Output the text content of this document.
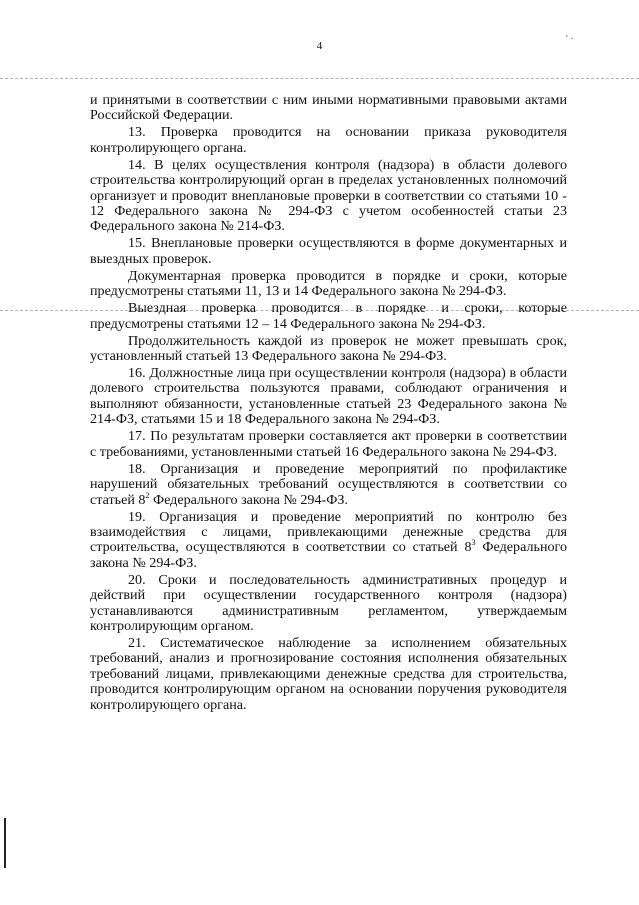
4
' ·

и принятыми в соответствии с ним иными нормативными правовыми актами Российской Федерации.

13. Проверка проводится на основании приказа руководителя контролирующего органа.

14. В целях осуществления контроля (надзора) в области долевого строительства контролирующий орган в пределах установленных полномочий организует и проводит внеплановые проверки в соответствии со статьями 10 - 12 Федерального закона № 294-ФЗ с учетом особенностей статьи 23 Федерального закона № 214-ФЗ.

15. Внеплановые проверки осуществляются в форме документарных и выездных проверок.

Документарная проверка проводится в порядке и сроки, которые предусмотрены статьями 11, 13 и 14 Федерального закона № 294-ФЗ.

Выездная проверка проводится в порядке и сроки, которые предусмотрены статьями 12 – 14 Федерального закона № 294-ФЗ.

Продолжительность каждой из проверок не может превышать срок, установленный статьей 13 Федерального закона № 294-ФЗ.

16. Должностные лица при осуществлении контроля (надзора) в области долевого строительства пользуются правами, соблюдают ограничения и выполняют обязанности, установленные статьей 23 Федерального закона № 214-ФЗ, статьями 15 и 18 Федерального закона № 294-ФЗ.

17. По результатам проверки составляется акт проверки в соответствии с требованиями, установленными статьей 16 Федерального закона № 294-ФЗ.

18. Организация и проведение мероприятий по профилактике нарушений обязательных требований осуществляются в соответствии со статьей $8^2$ Федерального закона № 294-ФЗ.

19. Организация и проведение мероприятий по контролю без взаимодействия с лицами, привлекающими денежные средства для строительства, осуществляются в соответствии со статьей $8^3$ Федерального закона № 294-ФЗ.

20. Сроки и последовательность административных процедур и действий при осуществлении государственного контроля (надзора) устанавливаются административным регламентом, утверждаемым контролирующим органом.

21. Систематическое наблюдение за исполнением обязательных требований, анализ и прогнозирование состояния исполнения обязательных требований лицами, привлекающими денежные средства для строительства, проводится контролирующим органом на основании поручения руководителя контролирующего органа.
